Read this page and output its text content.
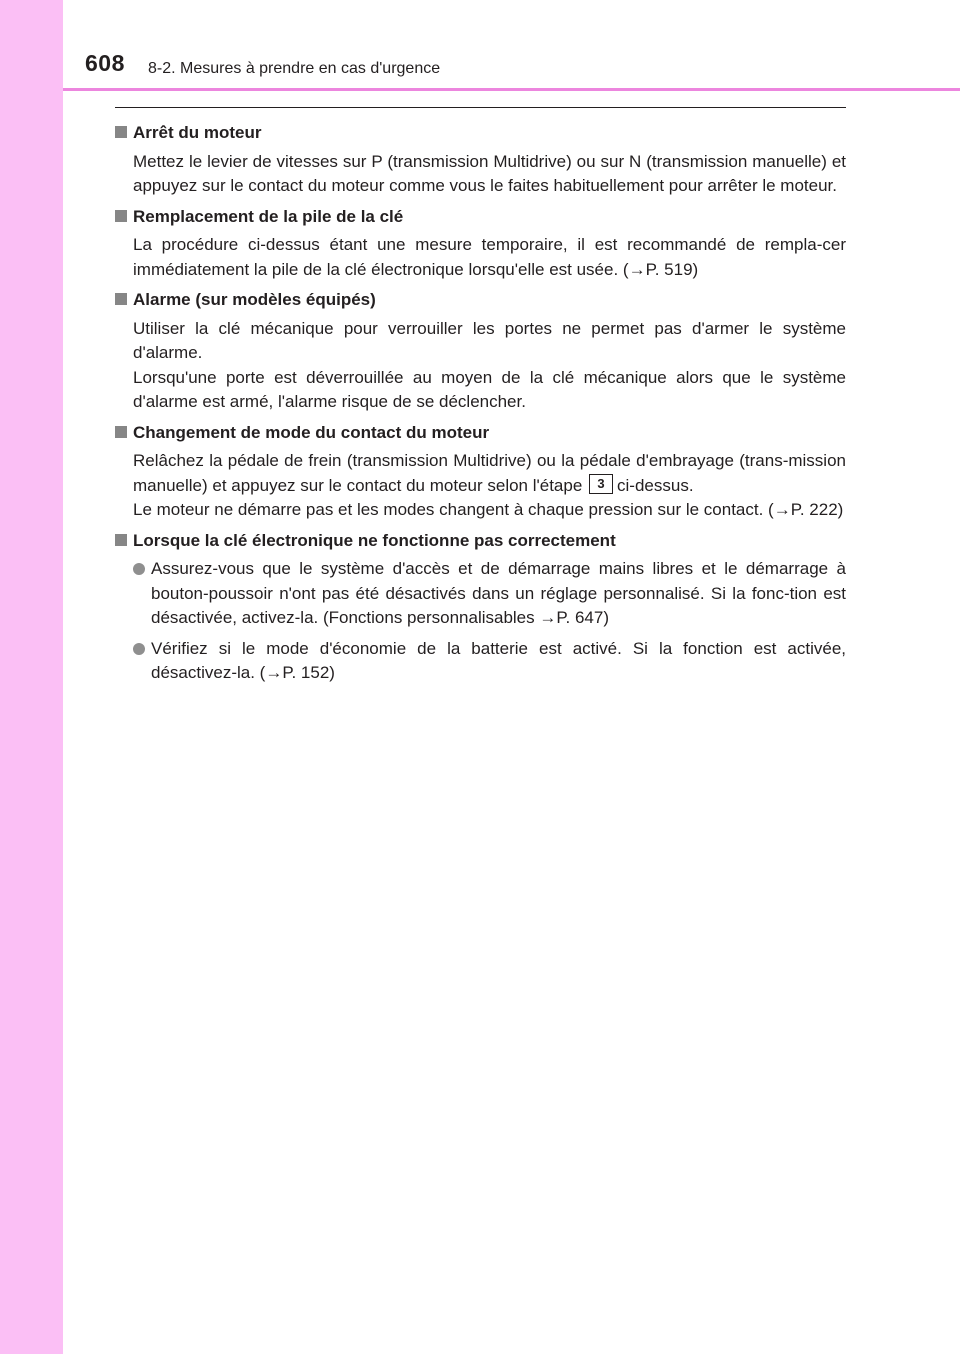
608 8-2. Mesures à prendre en cas d'urgence
Arrêt du moteur

Mettez le levier de vitesses sur P (transmission Multidrive) ou sur N (transmission manuelle) et appuyez sur le contact du moteur comme vous le faites habituellement pour arrêter le moteur.

Remplacement de la pile de la clé

La procédure ci-dessus étant une mesure temporaire, il est recommandé de rempla-cer immédiatement la pile de la clé électronique lorsqu'elle est usée. (→P. 519)

Alarme (sur modèles équipés)

Utiliser la clé mécanique pour verrouiller les portes ne permet pas d'armer le système d'alarme.

Lorsqu'une porte est déverrouillée au moyen de la clé mécanique alors que le système d'alarme est armé, l'alarme risque de se déclencher.

Changement de mode du contact du moteur

Relâchez la pédale de frein (transmission Multidrive) ou la pédale d'embrayage (trans-mission manuelle) et appuyez sur le contact du moteur selon l'étape 3 ci-dessus.

Le moteur ne démarre pas et les modes changent à chaque pression sur le contact. (→P. 222)

Lorsque la clé électronique ne fonctionne pas correctement
Assurez-vous que le système d'accès et de démarrage mains libres et le démarrage à bouton-poussoir n'ont pas été désactivés dans un réglage personnalisé. Si la fonc-tion est désactivée, activez-la. (Fonctions personnalisables →P. 647)
Vérifiez si le mode d'économie de la batterie est activé. Si la fonction est activée, désactivez-la. (→P. 152)
